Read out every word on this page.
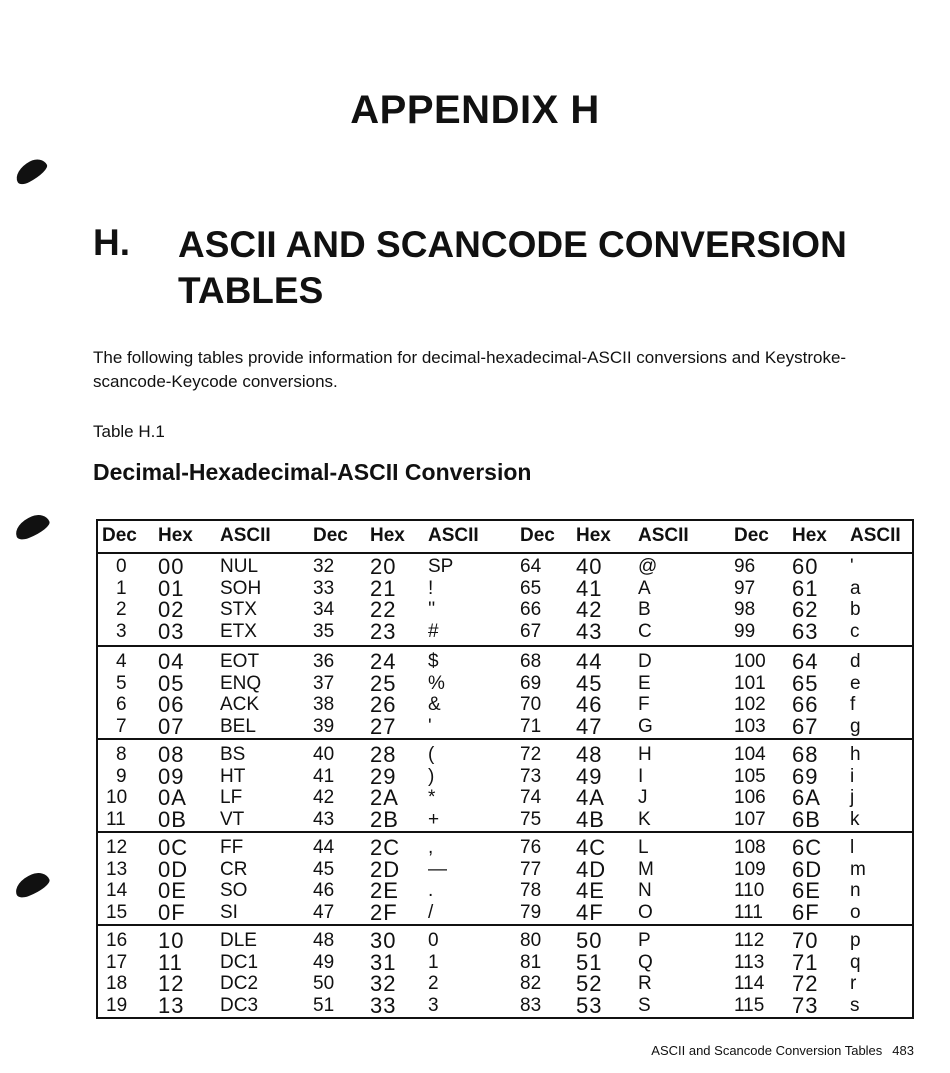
APPENDIX H
H. ASCII AND SCANCODE CONVERSION TABLES
The following tables provide information for decimal-hexadecimal-ASCII conversions and Keystroke-scancode-Keycode conversions.
Table H.1
Decimal-Hexadecimal-ASCII Conversion
Dec Hex ASCII Dec Hex ASCII Dec Hex ASCII Dec Hex ASCII
0 00 NUL	32 20 SP	64 40 @	96 60 '
1 01 SOH	33 21 !	65 41 A	97 61 a
2 02 STX	34 22 ''	66 42 B	98 62 b
3 03 ETX	35 23 #	67 43 C	99 63 c
4 04 EOT	36 24 $	68 44 D	100 64 d
5 05 ENQ	37 25 %	69 45 E	101 65 e
6 06 ACK	38 26 &	70 46 F	102 66 f
7 07 BEL	39 27 '	71 47 G	103 67 g
8 08 BS	40 28 (	72 48 H	104 68 h
9 09 HT	41 29 )	73 49 I	105 69 i
10 0A LF	42 2A *	74 4A J	106 6A j
11 0B VT	43 2B +	75 4B K	107 6B k
12 0C FF	44 2C ,	76 4C L	108 6C l
13 0D CR	45 2D —	77 4D M	109 6D m
14 0E SO	46 2E .	78 4E N	110 6E n
15 0F SI	47 2F /	79 4F O	111 6F o
16 10 DLE	48 30 0	80 50 P	112 70 p
17 11 DC1	49 31 1	81 51 Q	113 71 q
18 12 DC2	50 32 2	82 52 R	114 72 r
19 13 DC3	51 33 3	83 53 S	115 73 s
ASCII and Scancode Conversion Tables 483
